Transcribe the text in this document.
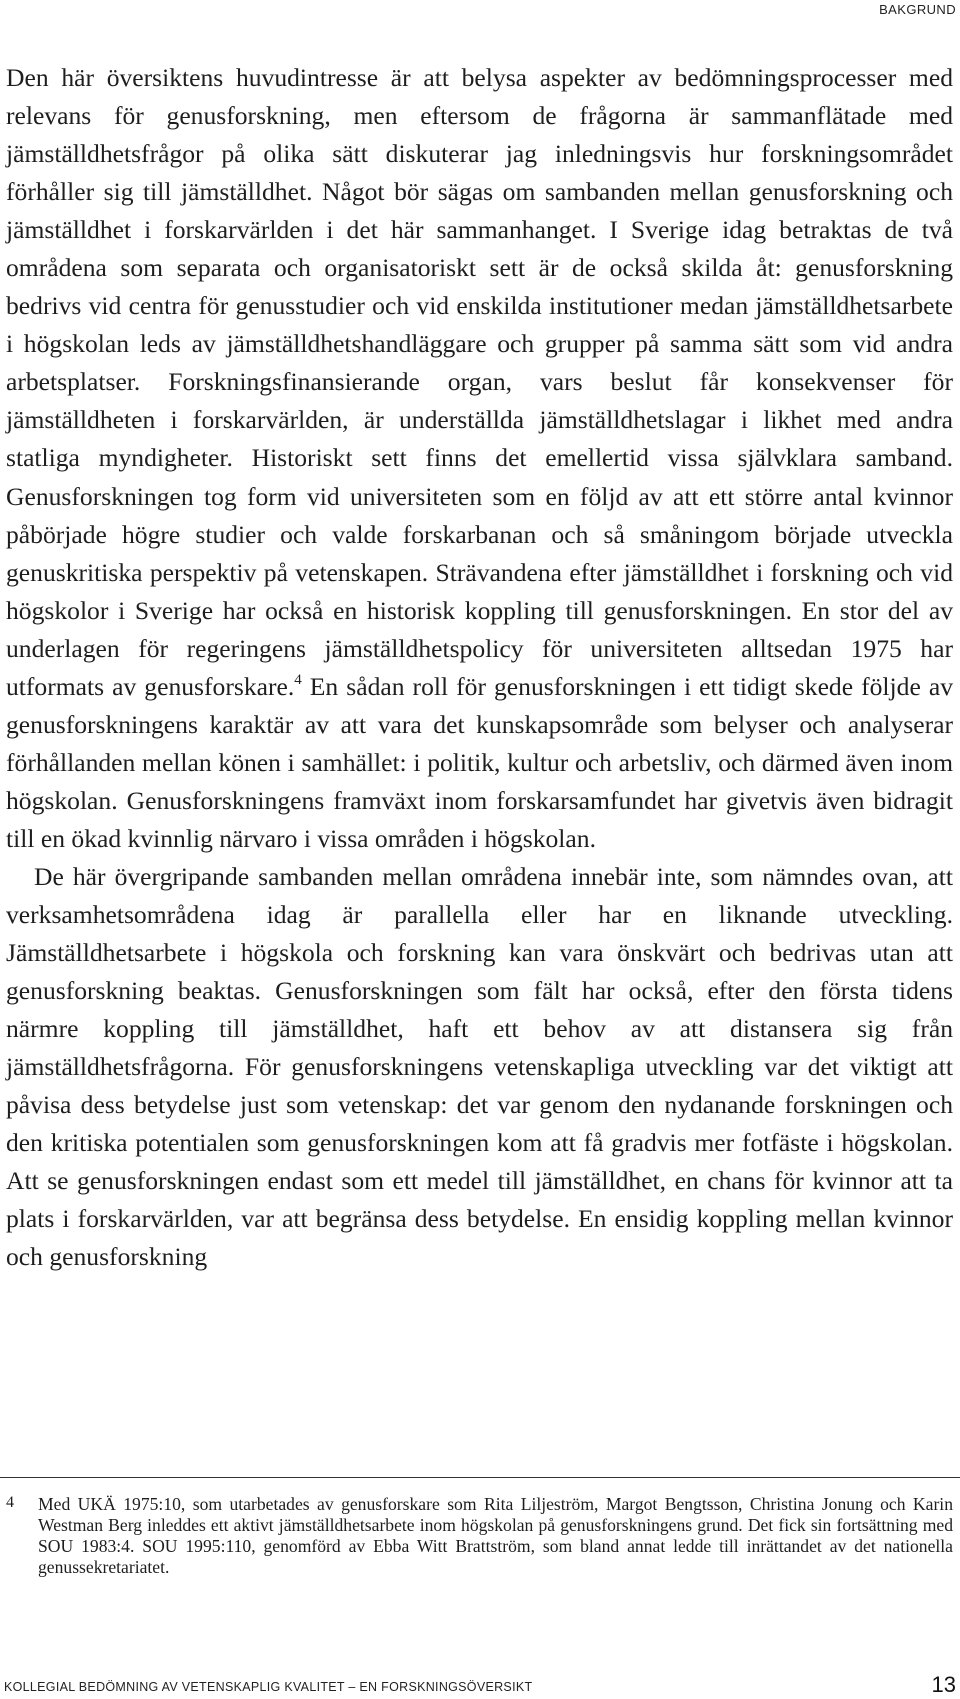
BAKGRUND

Den här översiktens huvudintresse är att belysa aspekter av bedömningsprocesser med relevans för genusforskning, men eftersom de frågorna är sammanflätade med jämställdhetsfrågor på olika sätt diskuterar jag inledningsvis hur forskningsområdet förhåller sig till jämställdhet. Något bör sägas om sambanden mellan genusforskning och jämställdhet i forskarvärlden i det här sammanhanget. I Sverige idag betraktas de två områdena som separata och organisatoriskt sett är de också skilda åt: genusforskning bedrivs vid centra för genusstudier och vid enskilda institutioner medan jämställdhetsarbete i högskolan leds av jämställdhetshandläggare och grupper på samma sätt som vid andra arbetsplatser. Forskningsfinansierande organ, vars beslut får konsekvenser för jämställdheten i forskarvärlden, är underställda jämställdhetslagar i likhet med andra statliga myndigheter. Historiskt sett finns det emellertid vissa självklara samband. Genusforskningen tog form vid universiteten som en följd av att ett större antal kvinnor påbörjade högre studier och valde forskarbanan och så småningom började utveckla genuskritiska perspektiv på vetenskapen. Strävandena efter jämställdhet i forskning och vid högskolor i Sverige har också en historisk koppling till genusforskningen. En stor del av underlagen för regeringens jämställdhetspolicy för universiteten alltsedan 1975 har utformats av genusforskare.$^4$ En sådan roll för genusforskningen i ett tidigt skede följde av genusforskningens karaktär av att vara det kunskapsområde som belyser och analyserar förhållanden mellan könen i samhället: i politik, kultur och arbetsliv, och därmed även inom högskolan. Genusforskningens framväxt inom forskarsamfundet har givetvis även bidragit till en ökad kvinnlig närvaro i vissa områden i högskolan.

De här övergripande sambanden mellan områdena innebär inte, som nämndes ovan, att verksamhetsområdena idag är parallella eller har en liknande utveckling. Jämställdhetsarbete i högskola och forskning kan vara önskvärt och bedrivas utan att genusforskning beaktas. Genusforskningen som fält har också, efter den första tidens närmre koppling till jämställdhet, haft ett behov av att distansera sig från jämställdhetsfrågorna. För genusforskningens vetenskapliga utveckling var det viktigt att påvisa dess betydelse just som vetenskap: det var genom den nydanande forskningen och den kritiska potentialen som genusforskningen kom att få gradvis mer fotfäste i högskolan. Att se genusforskningen endast som ett medel till jämställdhet, en chans för kvinnor att ta plats i forskarvärlden, var att begränsa dess betydelse. En ensidig koppling mellan kvinnor och genusforskning

4 Med UKÄ 1975:10, som utarbetades av genusforskare som Rita Liljeström, Margot Bengtsson, Christina Jonung och Karin Westman Berg inleddes ett aktivt jämställdhetsarbete inom högskolan på genusforskningens grund. Det fick sin fortsättning med SOU 1983:4. SOU 1995:110, genomförd av Ebba Witt Brattström, som bland annat ledde till inrättandet av det nationella genussekretariatet.
KOLLEGIAL BEDÖMNING AV VETENSKAPLIG KVALITET – EN FORSKNINGSÖVERSIKT	13
